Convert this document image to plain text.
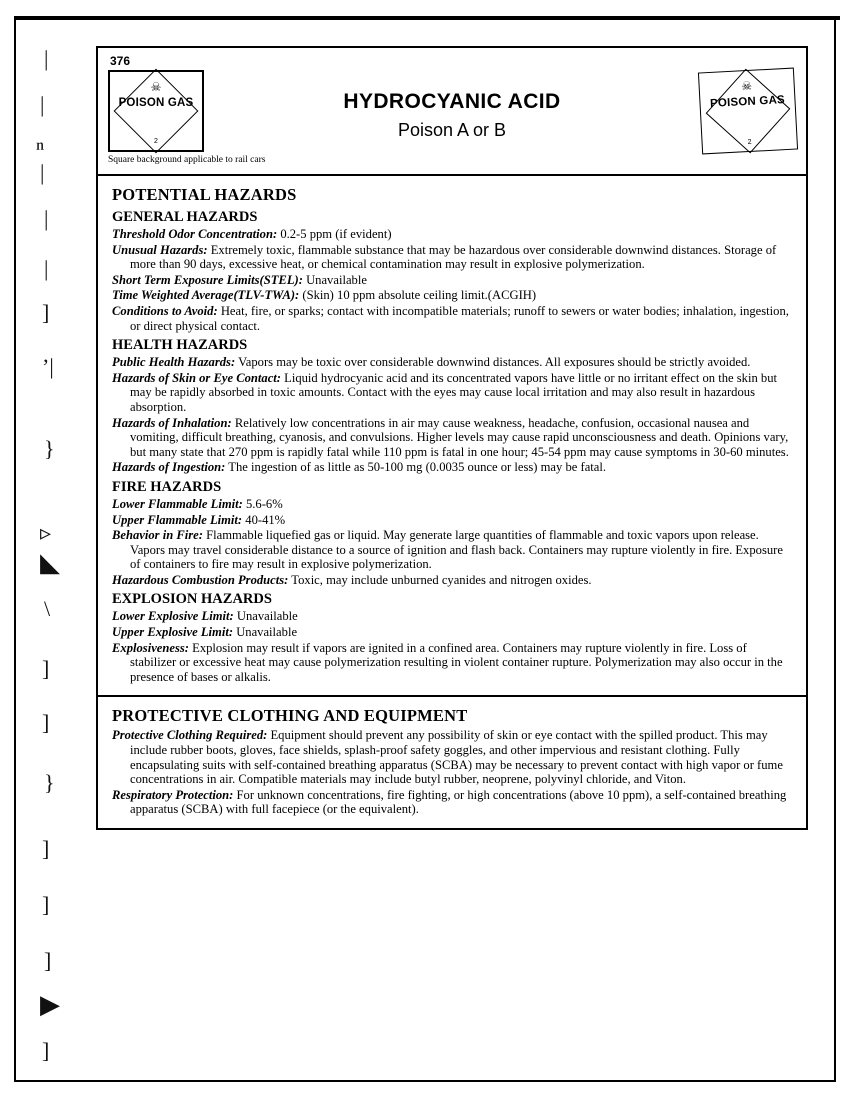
|
|
ⁿ
|
|
|
]
’|
}
▹
◣
\
]
]
}
]
]
]
▶
]
376
☠
POISON GAS
2
Square background applicable to rail cars
HYDROCYANIC ACID
Poison A or B
☠
POISON GAS
2
POTENTIAL HAZARDS
GENERAL HAZARDS

Threshold Odor Concentration: 0.2-5 ppm (if evident)

Unusual Hazards: Extremely toxic, flammable substance that may be hazardous over considerable downwind distances. Storage of more than 90 days, excessive heat, or chemical contamination may result in explosive polymerization.

Short Term Exposure Limits(STEL): Unavailable

Time Weighted Average(TLV-TWA): (Skin) 10 ppm absolute ceiling limit.(ACGIH)

Conditions to Avoid: Heat, fire, or sparks; contact with incompatible materials; runoff to sewers or water bodies; inhalation, ingestion, or direct physical contact.

HEALTH HAZARDS

Public Health Hazards: Vapors may be toxic over considerable downwind distances. All exposures should be strictly avoided.

Hazards of Skin or Eye Contact: Liquid hydrocyanic acid and its concentrated vapors have little or no irritant effect on the skin but may be rapidly absorbed in toxic amounts. Contact with the eyes may cause local irritation and may also result in hazardous absorption.

Hazards of Inhalation: Relatively low concentrations in air may cause weakness, headache, confusion, occasional nausea and vomiting, difficult breathing, cyanosis, and convulsions. Higher levels may cause rapid unconsciousness and death. Opinions vary, but many state that 270 ppm is rapidly fatal while 110 ppm is fatal in one hour; 45-54 ppm may cause symptoms in 30-60 minutes.

Hazards of Ingestion: The ingestion of as little as 50-100 mg (0.0035 ounce or less) may be fatal.

FIRE HAZARDS

Lower Flammable Limit: 5.6-6%

Upper Flammable Limit: 40-41%

Behavior in Fire: Flammable liquefied gas or liquid. May generate large quantities of flammable and toxic vapors upon release. Vapors may travel considerable distance to a source of ignition and flash back. Containers may rupture violently in fire. Exposure of containers to fire may result in explosive polymerization.

Hazardous Combustion Products: Toxic, may include unburned cyanides and nitrogen oxides.

EXPLOSION HAZARDS

Lower Explosive Limit: Unavailable

Upper Explosive Limit: Unavailable

Explosiveness: Explosion may result if vapors are ignited in a confined area. Containers may rupture violently in fire. Loss of stabilizer or excessive heat may cause polymerization resulting in violent container rupture. Polymerization may also occur in the presence of bases or alkalis.

PROTECTIVE CLOTHING AND EQUIPMENT

Protective Clothing Required: Equipment should prevent any possibility of skin or eye contact with the spilled product. This may include rubber boots, gloves, face shields, splash-proof safety goggles, and other impervious and resistant clothing. Fully encapsulating suits with self-contained breathing apparatus (SCBA) may be necessary to prevent contact with high vapor or fume concentrations in air. Compatible materials may include butyl rubber, neoprene, polyvinyl chloride, and Viton.

Respiratory Protection: For unknown concentrations, fire fighting, or high concentrations (above 10 ppm), a self-contained breathing apparatus (SCBA) with full facepiece (or the equivalent).
